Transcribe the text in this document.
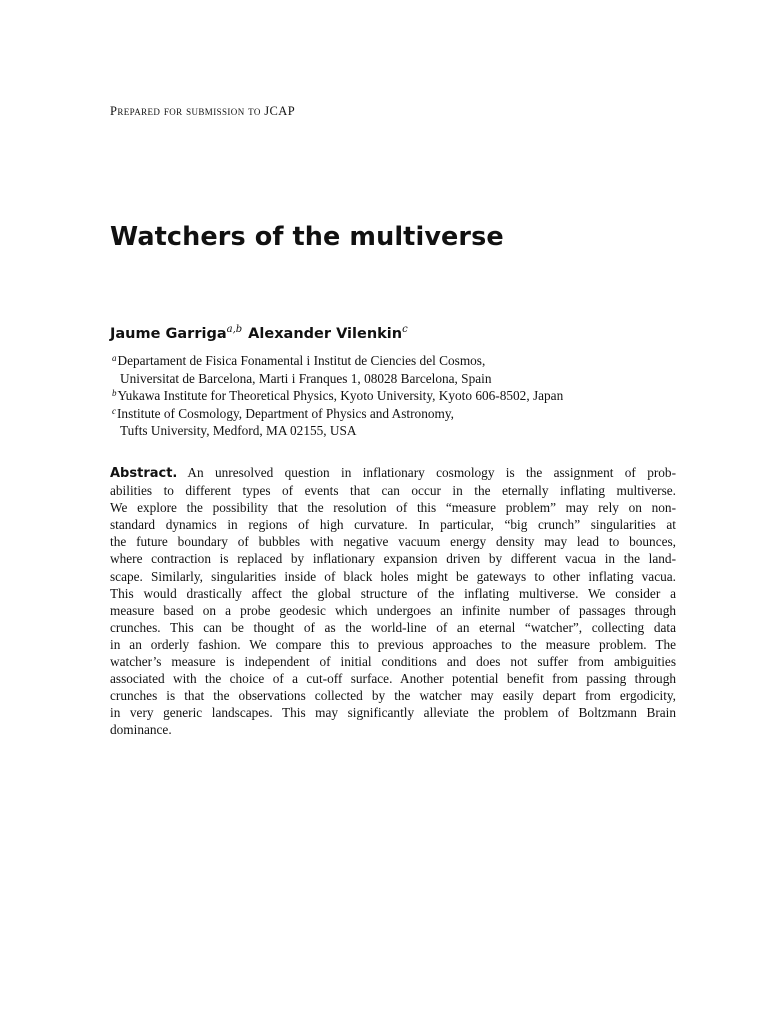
Prepared for submission to JCAP
Watchers of the multiverse
Jaume Garriga$^{a,b}$ Alexander Vilenkin$^c$
$^a$Departament de Fisica Fonamental i Institut de Ciencies del Cosmos,
Universitat de Barcelona, Marti i Franques 1, 08028 Barcelona, Spain
$^b$Yukawa Institute for Theoretical Physics, Kyoto University, Kyoto 606-8502, Japan
$^c$Institute of Cosmology, Department of Physics and Astronomy,
Tufts University, Medford, MA 02155, USA
Abstract. An unresolved question in inflationary cosmology is the assignment of prob-
abilities to different types of events that can occur in the eternally inflating multiverse.
We explore the possibility that the resolution of this “measure problem” may rely on non-
standard dynamics in regions of high curvature. In particular, “big crunch” singularities at
the future boundary of bubbles with negative vacuum energy density may lead to bounces,
where contraction is replaced by inflationary expansion driven by different vacua in the land-
scape. Similarly, singularities inside of black holes might be gateways to other inflating vacua.
This would drastically affect the global structure of the inflating multiverse. We consider a
measure based on a probe geodesic which undergoes an infinite number of passages through
crunches. This can be thought of as the world-line of an eternal “watcher”, collecting data
in an orderly fashion. We compare this to previous approaches to the measure problem. The
watcher’s measure is independent of initial conditions and does not suffer from ambiguities
associated with the choice of a cut-off surface. Another potential benefit from passing through
crunches is that the observations collected by the watcher may easily depart from ergodicity,
in very generic landscapes. This may significantly alleviate the problem of Boltzmann Brain
dominance.
